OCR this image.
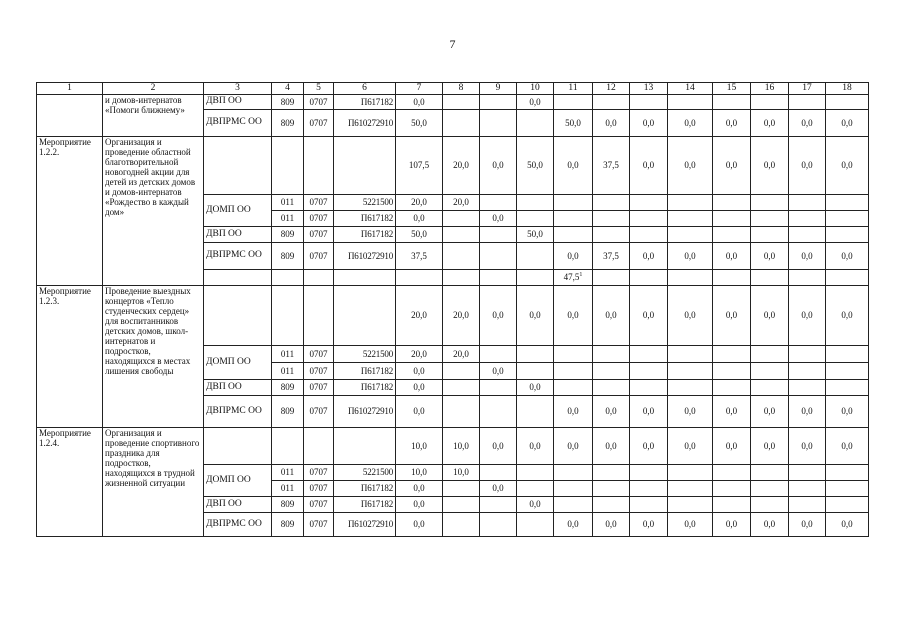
7
1	2	3	4	5	6	7	8	9	10	11	12	13	14	15	16	17	18	
	и домов-интернатов «Помоги ближнему»	ДВП ОО	809	0707	П617182	0,0			0,0									
		ДВПРМС ОО	809	0707	П610272910	50,0				50,0	0,0	0,0	0,0	0,0	0,0	0,0	0,0	
Мероприятие 1.2.2.	Организация и проведение областной благотворительной новогодней акции для детей из детских домов и домов-интернатов «Рождество в каждый дом»					107,5	20,0	0,0	50,0	0,0	37,5	0,0	0,0	0,0	0,0	0,0	0,0	
		ДОМП ОО	011	0707	5221500	20,0	20,0											
			011	0707	П617182	0,0		0,0										
		ДВП ОО	809	0707	П617182	50,0			50,0									
		ДВПРМС ОО	809	0707	П610272910	37,5				0,0	37,5	0,0	0,0	0,0	0,0	0,0	0,0	
										47,5$^1$							
Мероприятие 1.2.3.	Проведение выездных концертов «Тепло студенческих сердец» для воспитанников детских домов, школ-интернатов и подростков, находящихся в местах лишения свободы					20,0	20,0	0,0	0,0	0,0	0,0	0,0	0,0	0,0	0,0	0,0	0,0	
		ДОМП ОО	011	0707	5221500	20,0	20,0											
			011	0707	П617182	0,0		0,0										
		ДВП ОО	809	0707	П617182	0,0			0,0									
		ДВПРМС ОО	809	0707	П610272910	0,0				0,0	0,0	0,0	0,0	0,0	0,0	0,0	0,0	
Мероприятие 1.2.4.	Организация и проведение спортивного праздника для подростков, находящихся в трудной жизненной ситуации					10,0	10,0	0,0	0,0	0,0	0,0	0,0	0,0	0,0	0,0	0,0	0,0	
		ДОМП ОО	011	0707	5221500	10,0	10,0											
			011	0707	П617182	0,0		0,0										
		ДВП ОО	809	0707	П617182	0,0			0,0									
		ДВПРМС ОО	809	0707	П610272910	0,0				0,0	0,0	0,0	0,0	0,0	0,0	0,0	0,0	
